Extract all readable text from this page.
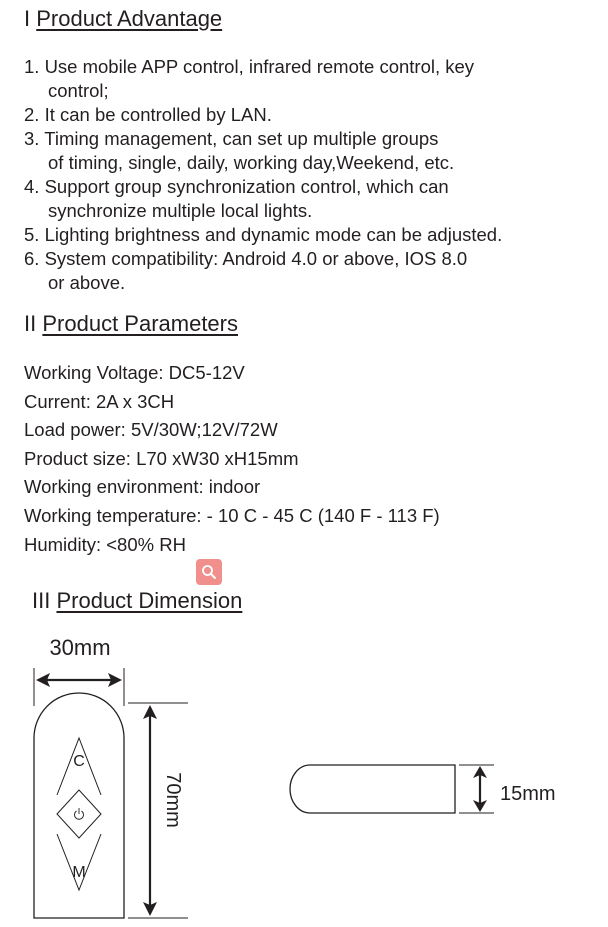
I Product Advantage
1. Use mobile APP control, infrared remote control, key
control;
2. It can be controlled by LAN.
3. Timing management, can set up multiple groups
of timing, single, daily, working day,Weekend, etc.
4. Support group synchronization control, which can
synchronize multiple local lights.
5. Lighting brightness and dynamic mode can be adjusted.
6. System compatibility: Android 4.0 or above, IOS 8.0
or above.
II Product Parameters
Working Voltage: DC5-12V
Current: 2A x 3CH
Load power: 5V/30W;12V/72W
Product size: L70 xW30 xH15mm
Working environment: indoor
Working temperature: - 10 C - 45 C (140 F - 113 F)
Humidity: <80% RH
III Product Dimension
30mm
C
M
70mm	15mm
